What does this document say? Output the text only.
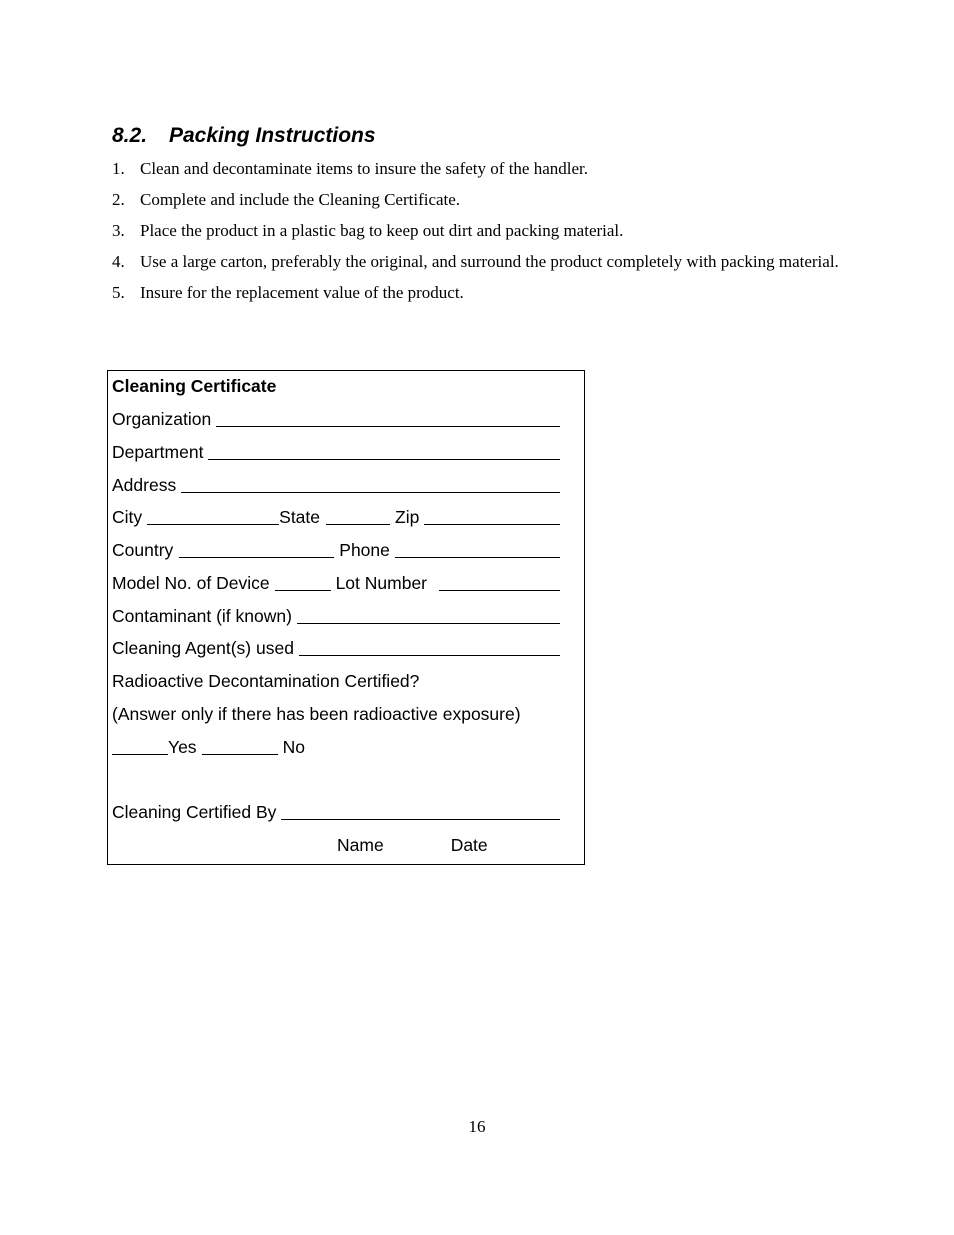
8.2. Packing Instructions
1. Clean and decontaminate items to insure the safety of the handler.
2. Complete and include the Cleaning Certificate.
3. Place the product in a plastic bag to keep out dirt and packing material.
4. Use a large carton, preferably the original, and surround the product completely with packing material.
5. Insure for the replacement value of the product.
Cleaning Certificate
Organization
Department
Address
City	State	Zip
Country	Phone
Model No. of Device	Lot Number
Contaminant (if known)
Cleaning Agent(s) used
Radioactive Decontamination Certified?
(Answer only if there has been radioactive exposure)
Yes	No
Cleaning Certified By
Name	Date
16
